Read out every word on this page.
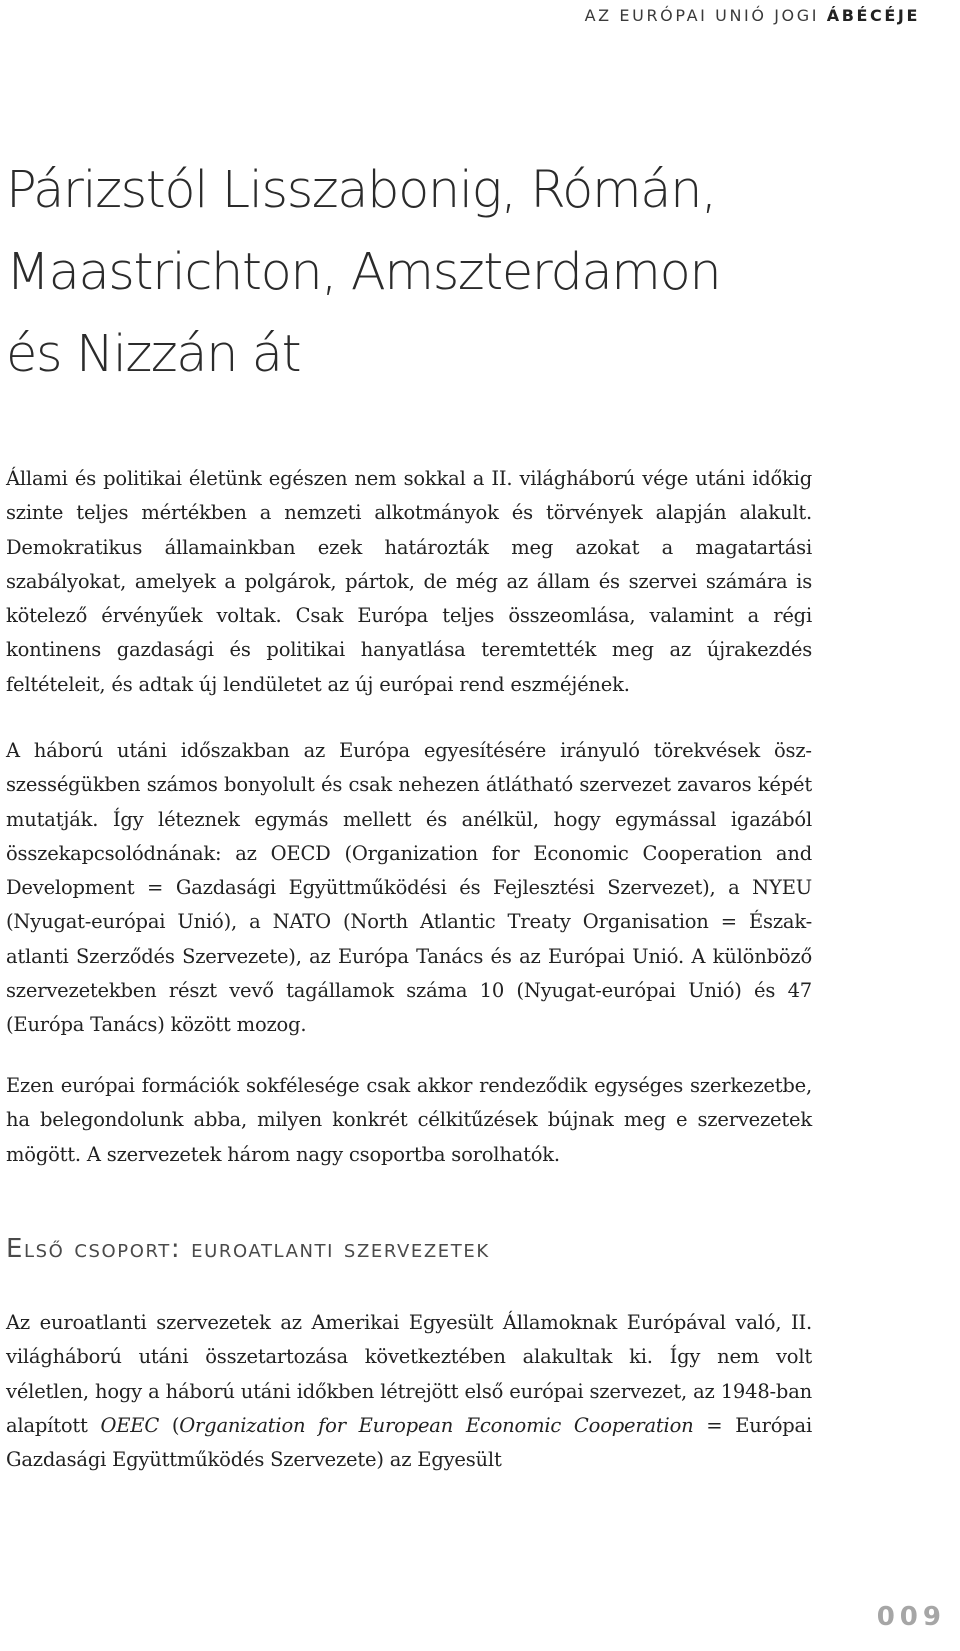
AZ EURÓPAI UNIÓ JOGI ÁBÉCÉJE
Párizstól Lisszabonig, Rómán,
Maastrichton, Amszterdamon
és Nizzán át

Állami és politikai életünk egészen nem sokkal a II. világháború vége utáni időkig szinte teljes mértékben a nemzeti alkotmányok és törvények alapján alakult. Demokratikus államainkban ezek határozták meg azokat a magatartási szabályokat, amelyek a polgárok, pártok, de még az állam és szervei számára is kötelező érvényűek voltak. Csak Európa teljes összeomlása, valamint a régi kontinens gazdasági és politikai hanyatlása teremtették meg az újrakezdés feltételeit, és adtak új lendületet az új európai rend eszméjének.

A háború utáni időszakban az Európa egyesítésére irányuló törekvések öszszességükben számos bonyolult és csak nehezen átlátható szervezet zavaros képét mutatják. Így léteznek egymás mellett és anélkül, hogy egymással igazából összekapcsolódnának: az OECD (Organization for Economic Cooperation and Development = Gazdasági Együttműködési és Fejlesztési Szervezet), a NYEU (Nyugat-európai Unió), a NATO (North Atlantic Treaty Organisation = Észak-atlanti Szerződés Szervezete), az Európa Tanács és az Európai Unió. A különböző szervezetekben részt vevő tagállamok száma 10 (Nyugat-európai Unió) és 47 (Európa Tanács) között mozog.

Ezen európai formációk sokfélesége csak akkor rendeződik egységes szerkezetbe, ha belegondolunk abba, milyen konkrét célkitűzések bújnak meg e szervezetek mögött. A szervezetek három nagy csoportba sorolhatók.

Első csoport: euroatlanti szervezetek

Az euroatlanti szervezetek az Amerikai Egyesült Államoknak Európával való, II. világháború utáni összetartozása következtében alakultak ki. Így nem volt véletlen, hogy a háború utáni időkben létrejött első európai szervezet, az 1948-ban alapított OEEC (Organization for European Economic Cooperation = Európai Gazdasági Együttműködés Szervezete) az Egyesült

009
